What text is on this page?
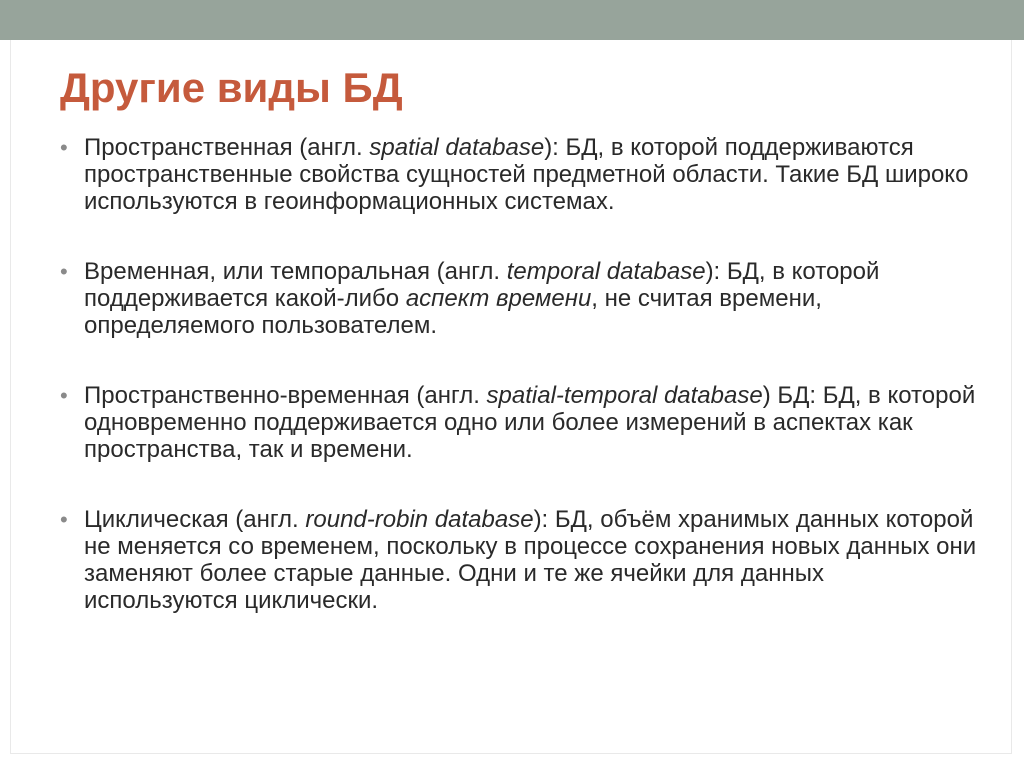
Другие виды БД
• Пространственная (англ. spatial database): БД, в которой поддерживаются пространственные свойства сущностей предметной области. Такие БД широко используются в геоинформационных системах.
• Временная, или темпоральная (англ. temporal database): БД, в которой поддерживается какой-либо аспект времени, не считая времени, определяемого пользователем.
• Пространственно-временная (англ. spatial-temporal database) БД: БД, в которой одновременно поддерживается одно или более измерений в аспектах как пространства, так и времени.
• Циклическая (англ. round-robin database): БД, объём хранимых данных которой не меняется со временем, поскольку в процессе сохранения новых данных они заменяют более старые данные. Одни и те же ячейки для данных используются циклически.
